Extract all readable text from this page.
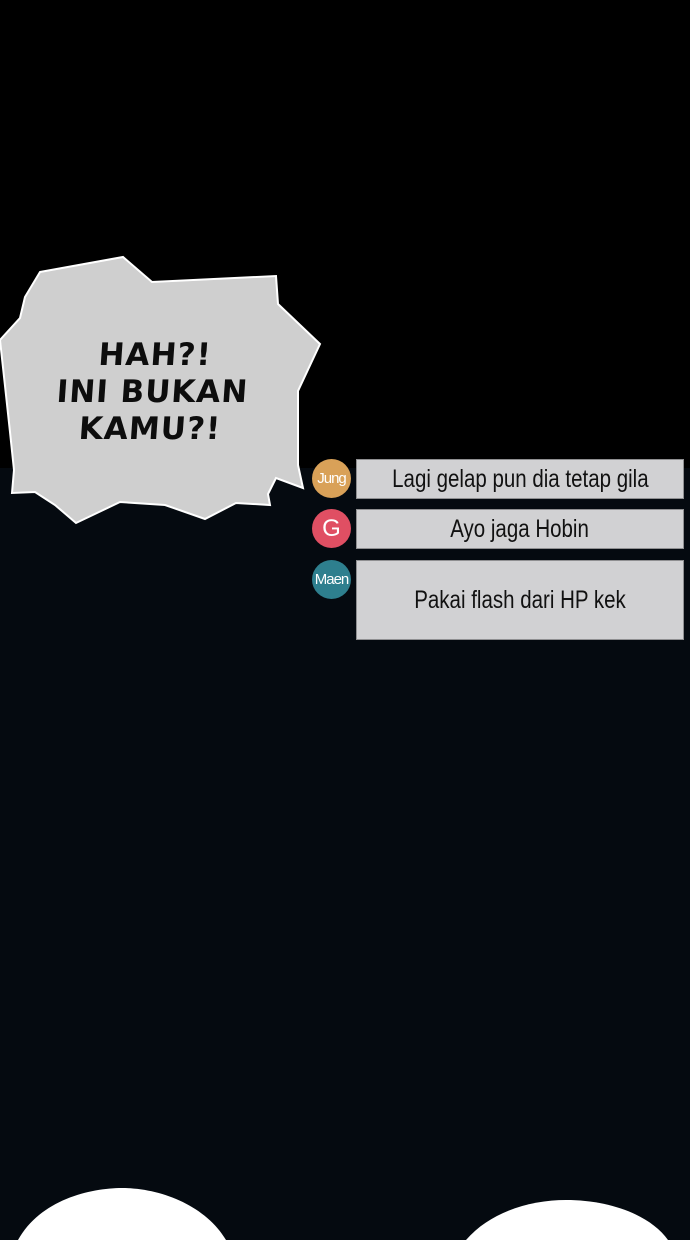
HAH?!
INI BUKAN
KAMU?!
Jung Lagi gelap pun dia tetap gila
G	Ayo jaga Hobin
Maen
Pakai flash dari HP kek
